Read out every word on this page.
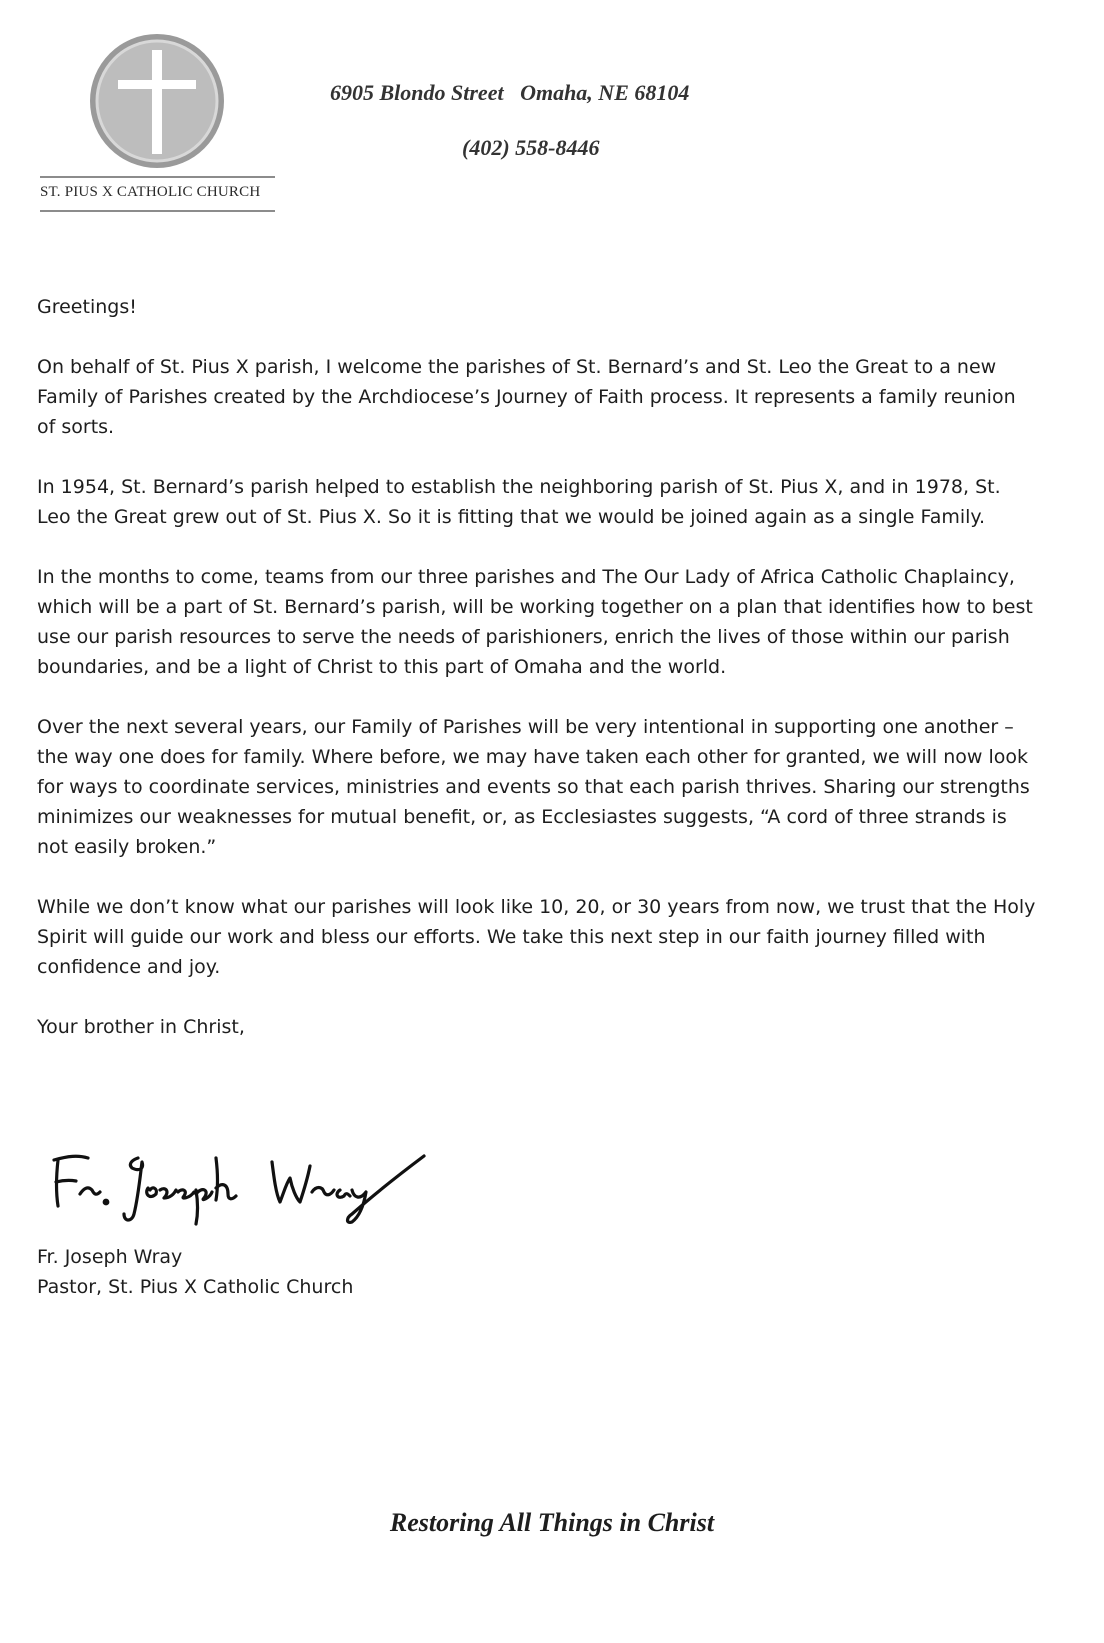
ST. PIUS X CATHOLIC CHURCH
6905 Blondo Street   Omaha, NE 68104
(402) 558-8446

Greetings!

On behalf of St. Pius X parish, I welcome the parishes of St. Bernard’s and St. Leo the Great to a new Family of Parishes created by the Archdiocese’s Journey of Faith process. It represents a family reunion of sorts.

In 1954, St. Bernard’s parish helped to establish the neighboring parish of St. Pius X, and in 1978, St. Leo the Great grew out of St. Pius X. So it is fitting that we would be joined again as a single Family.

In the months to come, teams from our three parishes and The Our Lady of Africa Catholic Chaplaincy, which will be a part of St. Bernard’s parish, will be working together on a plan that identifies how to best use our parish resources to serve the needs of parishioners, enrich the lives of those within our parish boundaries, and be a light of Christ to this part of Omaha and the world.

Over the next several years, our Family of Parishes will be very intentional in supporting one another – the way one does for family. Where before, we may have taken each other for granted, we will now look for ways to coordinate services, ministries and events so that each parish thrives. Sharing our strengths minimizes our weaknesses for mutual benefit, or, as Ecclesiastes suggests, “A cord of three strands is not easily broken.”

While we don’t know what our parishes will look like 10, 20, or 30 years from now, we trust that the Holy Spirit will guide our work and bless our efforts. We take this next step in our faith journey filled with confidence and joy.

Your brother in Christ,

Fr. Joseph Wray
Pastor, St. Pius X Catholic Church
Restoring All Things in Christ
